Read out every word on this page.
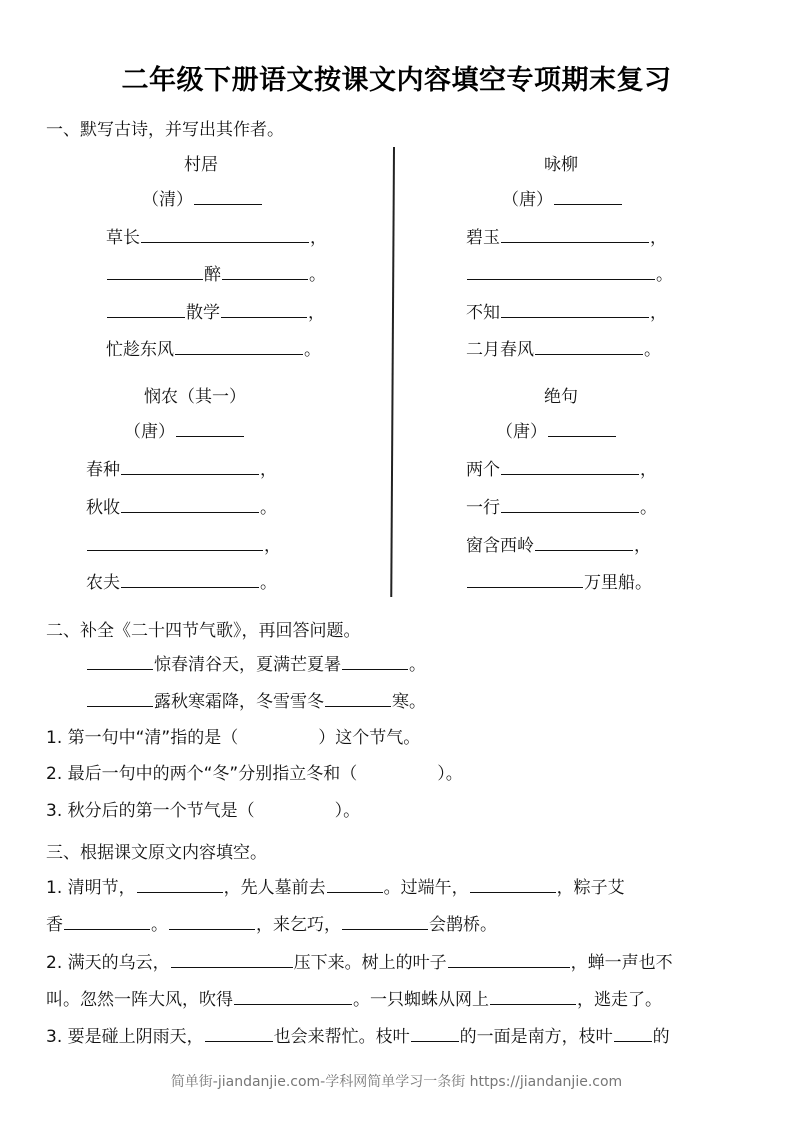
二年级下册语文按课文内容填空专项期末复习
一、默写古诗，并写出其作者。
村居
（清）
草长	，
醉	。
散学	，
忙趁东风	。
咏柳
（唐）
碧玉	，
。
不知	，
二月春风	。
悯农（其一）
（唐）
春种	，
秋收	。
，
农夫	。
绝句
（唐）
两个	，
一行	。
窗含西岭	，
万里船。
二、补全《二十四节气歌》，再回答问题。
惊春清谷天，夏满芒夏暑	。
露秋寒霜降，冬雪雪冬	寒。
1. 第一句中“清”指的是（	）这个节气。
2. 最后一句中的两个“冬”分别指立冬和（	）。
3. 秋分后的第一个节气是（	）。
三、根据课文原文内容填空。
1. 清明节，	，先人墓前去	。过端午，	，粽子艾
香	。	，来乞巧，	会鹊桥。
2. 满天的乌云，	压下来。树上的叶子	，蝉一声也不
叫。忽然一阵大风，吹得	。一只蜘蛛从网上	，逃走了。
3. 要是碰上阴雨天，	也会来帮忙。枝叶	的一面是南方，枝叶 的
简单街-jiandanjie.com-学科网简单学习一条街 https://jiandanjie.com
